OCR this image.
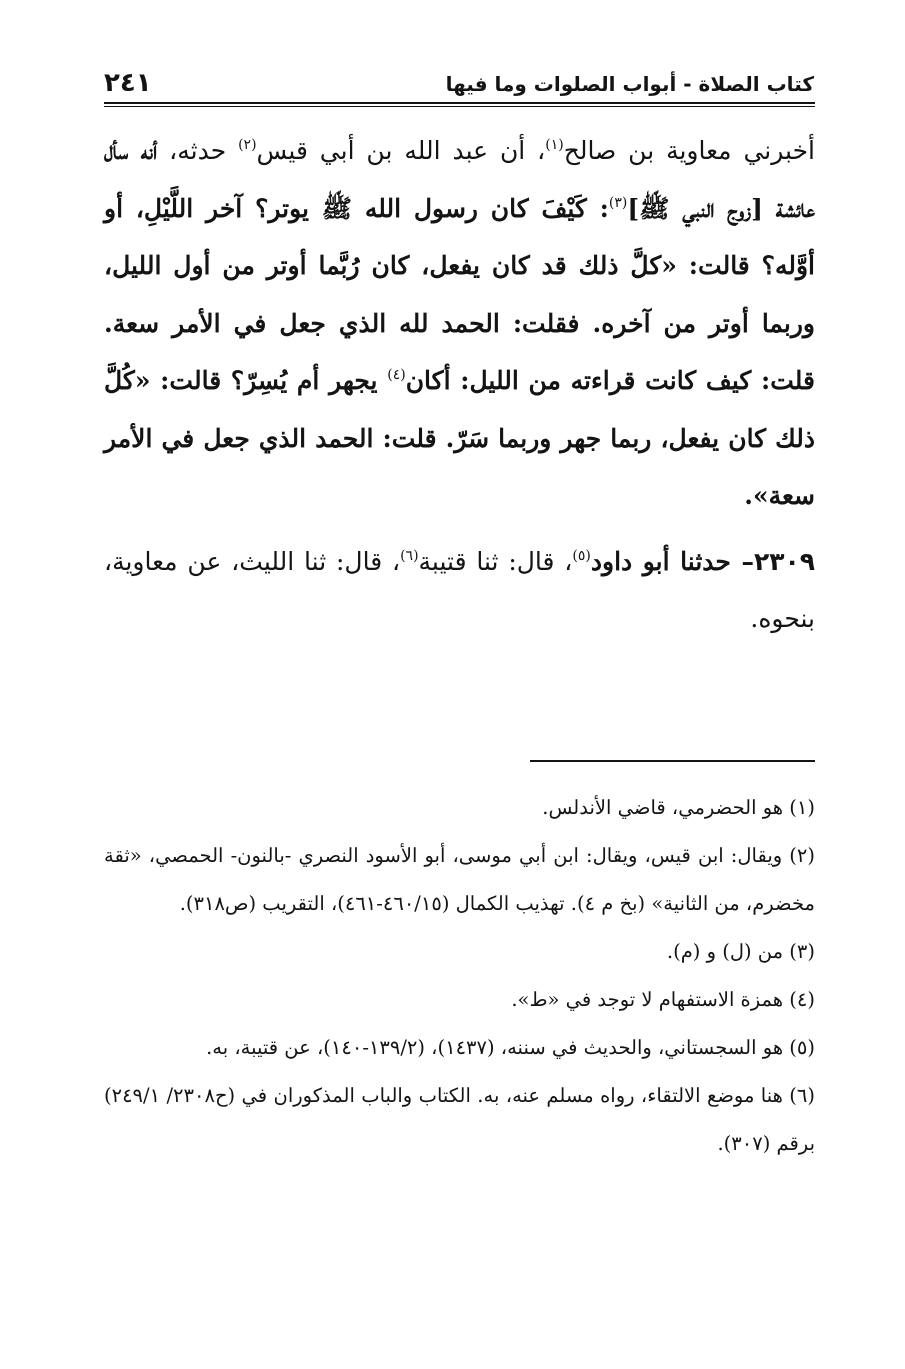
كتاب الصلاة - أبواب الصلوات وما فيها
٢٤١

أخبرني معاوية بن صالح$^{(١)}$، أن عبد الله بن أبي قيس$^{(٢)}$ حدثه، أنه سأل عائشة [زوج النبي ﷺ]$^{(٣)}$: كَيْفَ كان رسول الله ﷺ يوتر؟ آخر اللَّيْلِ، أو أوَّله؟ قالت: «كلَّ ذلك قد كان يفعل، كان رُبَّما أوتر من أول الليل، وربما أوتر من آخره. فقلت: الحمد لله الذي جعل في الأمر سعة. قلت: كيف كانت قراءته من الليل: أكان$^{(٤)}$ يجهر أم يُسِرّ؟ قالت: «كُلَّ ذلك كان يفعل، ربما جهر وربما سَرّ. قلت: الحمد الذي جعل في الأمر سعة».

٢٣٠٩– حدثنا أبو داود$^{(٥)}$، قال: ثنا قتيبة$^{(٦)}$، قال: ثنا الليث، عن معاوية، بنحوه.

(١) هو الحضرمي، قاضي الأندلس.

(٢) ويقال: ابن قيس، ويقال: ابن أبي موسى، أبو الأسود النصري -بالنون- الحمصي، «ثقة مخضرم، من الثانية» (بخ م ٤). تهذيب الكمال (٤٦٠/١٥-٤٦١)، التقريب (ص٣١٨).

(٣) من (ل) و (م).

(٤) همزة الاستفهام لا توجد في «ط».

(٥) هو السجستاني، والحديث في سننه، (١٤٣٧)، (١٣٩/٢-١٤٠)، عن قتيبة، به.

(٦) هنا موضع الالتقاء، رواه مسلم عنه، به. الكتاب والباب المذكوران في (ح٢٣٠٨/ ٢٤٩/١) برقم (٣٠٧).
